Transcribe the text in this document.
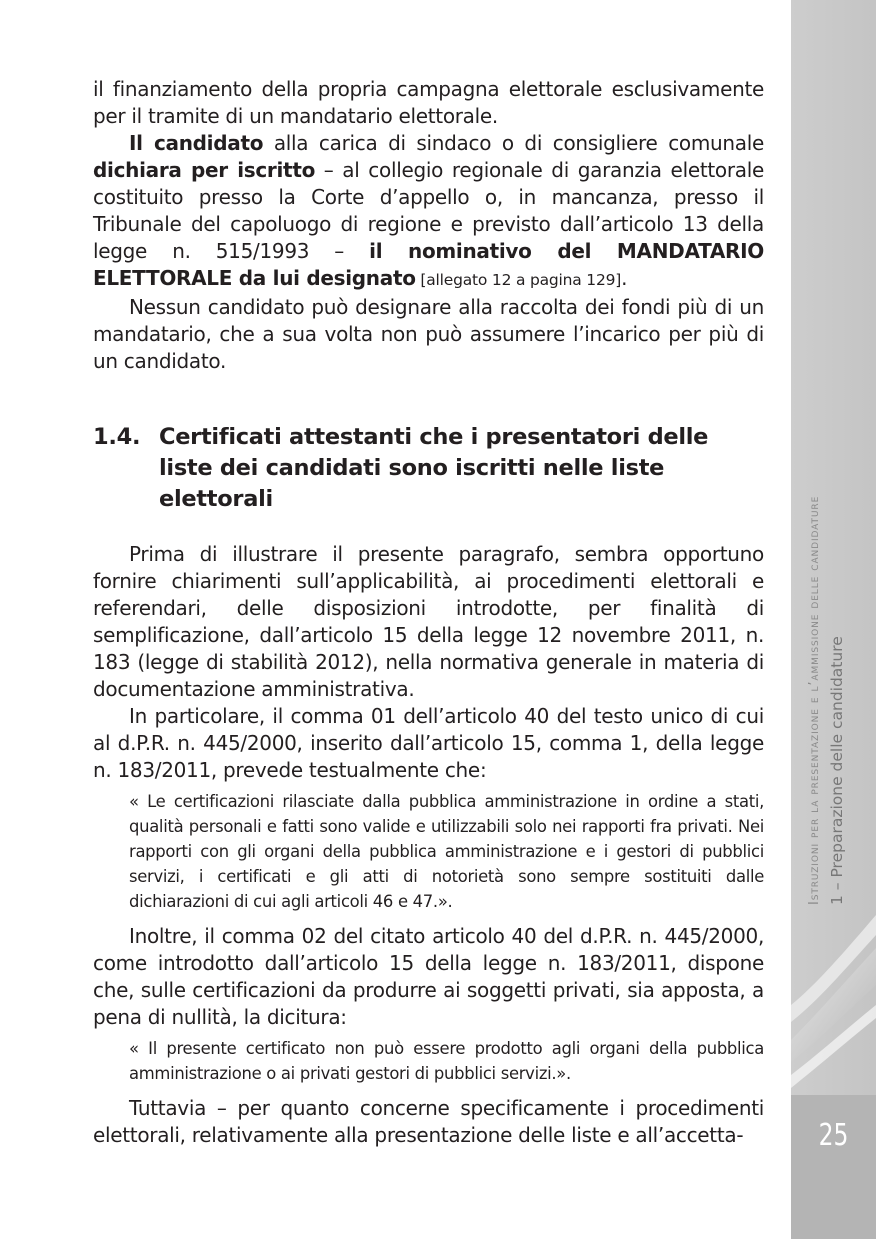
il finanziamento della propria campagna elettorale esclusivamente per il tramite di un mandatario elettorale.

Il candidato alla carica di sindaco o di consigliere comunale dichiara per iscritto – al collegio regionale di garanzia elettorale costituito presso la Corte d’appello o, in mancanza, presso il Tribunale del capoluogo di regione e previsto dall’articolo 13 della legge n. 515/1993 – il nominativo del MANDATARIO ELETTORALE da lui designato [allegato 12 a pagina 129].

Nessun candidato può designare alla raccolta dei fondi più di un mandatario, che a sua volta non può assumere l’incarico per più di un candidato.

1.4. Certificati attestanti che i presentatori delle liste dei candidati sono iscritti nelle liste elettorali

Prima di illustrare il presente paragrafo, sembra opportuno fornire chiarimenti sull’applicabilità, ai procedimenti elettorali e referendari, delle disposizioni introdotte, per finalità di semplificazione, dall’articolo 15 della legge 12 novembre 2011, n. 183 (legge di stabilità 2012), nella normativa generale in materia di documentazione amministrativa.

In particolare, il comma 01 dell’articolo 40 del testo unico di cui al d.P.R. n. 445/2000, inserito dall’articolo 15, comma 1, della legge n. 183/2011, prevede testualmente che:

« Le certificazioni rilasciate dalla pubblica amministrazione in ordine a stati, qualità personali e fatti sono valide e utilizzabili solo nei rapporti fra privati. Nei rapporti con gli organi della pubblica amministrazione e i gestori di pubblici servizi, i certificati e gli atti di notorietà sono sempre sostituiti dalle dichiarazioni di cui agli articoli 46 e 47.».

Inoltre, il comma 02 del citato articolo 40 del d.P.R. n. 445/2000, come introdotto dall’articolo 15 della legge n. 183/2011, dispone che, sulle certificazioni da produrre ai soggetti privati, sia apposta, a pena di nullità, la dicitura:

« Il presente certificato non può essere prodotto agli organi della pubblica amministrazione o ai privati gestori di pubblici servizi.».

Tuttavia – per quanto concerne specificamente i procedimenti elettorali, relativamente alla presentazione delle liste e all’accetta-

Istruzioni per la presentazione e l’ammissione delle candidature 1 – Preparazione delle candidature
25
